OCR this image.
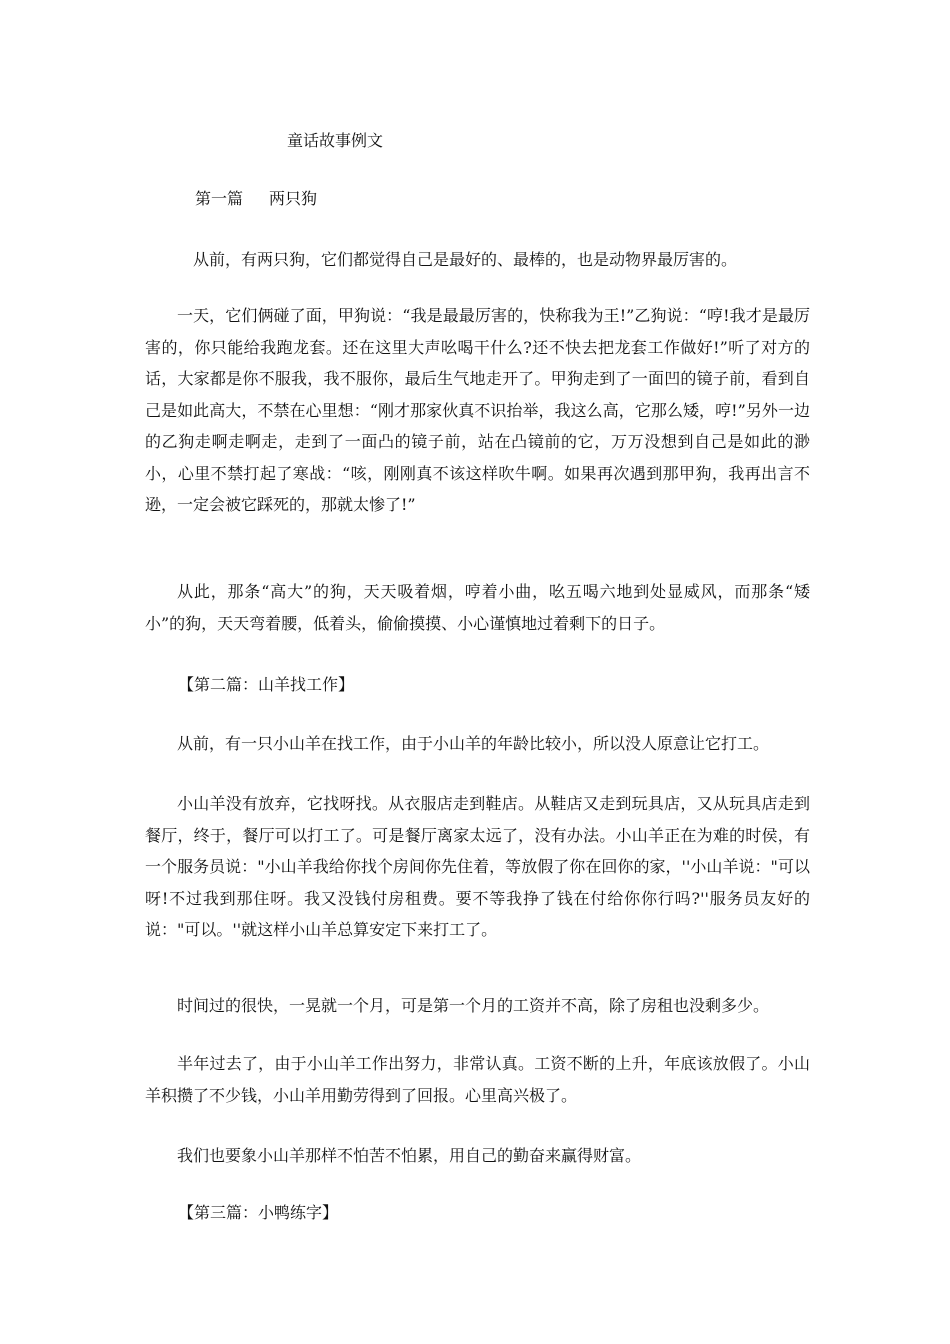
童话故事例文
第一篇 两只狗
从前，有两只狗，它们都觉得自己是最好的、最棒的，也是动物界最厉害的。
一天，它们俩碰了面，甲狗说：“我是最最厉害的，快称我为王!”乙狗说：“哼!我才是最厉害的，你只能给我跑龙套。还在这里大声吆喝干什么?还不快去把龙套工作做好!”听了对方的话，大家都是你不服我，我不服你，最后生气地走开了。甲狗走到了一面凹的镜子前，看到自己是如此高大，不禁在心里想：“刚才那家伙真不识抬举，我这么高，它那么矮，哼!”另外一边的乙狗走啊走啊走，走到了一面凸的镜子前，站在凸镜前的它，万万没想到自己是如此的渺小，心里不禁打起了寒战：“咳，刚刚真不该这样吹牛啊。如果再次遇到那甲狗，我再出言不逊，一定会被它踩死的，那就太惨了!”
从此，那条“高大”的狗，天天吸着烟，哼着小曲，吆五喝六地到处显威风，而那条“矮小”的狗，天天弯着腰，低着头，偷偷摸摸、小心谨慎地过着剩下的日子。
【第二篇：山羊找工作】
从前，有一只小山羊在找工作，由于小山羊的年龄比较小，所以没人原意让它打工。
小山羊没有放弃，它找呀找。从衣服店走到鞋店。从鞋店又走到玩具店，又从玩具店走到餐厅，终于，餐厅可以打工了。可是餐厅离家太远了，没有办法。小山羊正在为难的时侯，有一个服务员说："小山羊我给你找个房间你先住着，等放假了你在回你的家，''小山羊说："可以呀!不过我到那住呀。我又没钱付房租费。要不等我挣了钱在付给你你行吗?''服务员友好的说："可以。''就这样小山羊总算安定下来打工了。
时间过的很快，一晃就一个月，可是第一个月的工资并不高，除了房租也没剩多少。
半年过去了，由于小山羊工作出努力，非常认真。工资不断的上升，年底该放假了。小山羊积攒了不少钱，小山羊用勤劳得到了回报。心里高兴极了。
我们也要象小山羊那样不怕苦不怕累，用自己的勤奋来赢得财富。
【第三篇：小鸭练字】
